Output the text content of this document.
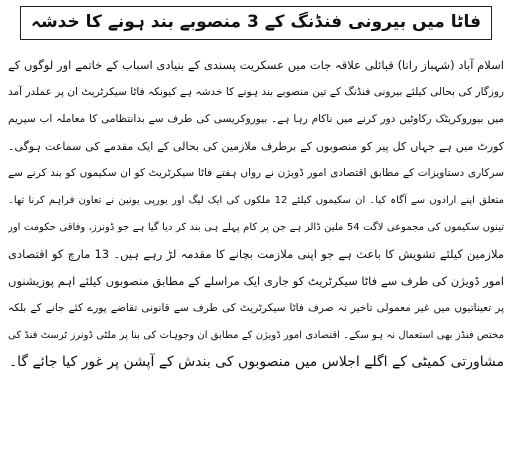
فاٹا میں بیرونی فنڈنگ کے 3 منصوبے بند ہونے کا خدشہ
اسلام آباد (شہباز رانا) قبائلی علاقہ جات میں عسکریت پسندی کے بنیادی اسباب کے خاتمے اور لوگوں کے
روزگار کی بحالی کیلئے بیرونی فنڈنگ کے تین منصوبے بند ہونے کا خدشہ ہے کیونکہ فاٹا سیکرٹریٹ ان پر عملدر آمد
میں بیوروکریٹک رکاوٹیں دور کرنے میں ناکام رہا ہے۔ بیوروکریسی کی طرف سے بدانتظامی کا معاملہ اب سپریم
کورٹ میں ہے جہاں کل پیر کو منصوبوں کے برطرف ملازمین کی بحالی کے ایک مقدمے کی سماعت ہوگی۔
سرکاری دستاویزات کے مطابق اقتصادی امور ڈویژن نے رواں ہفتے فاٹا سیکرٹریٹ کو ان سکیموں کو بند کرنے سے
متعلق اپنے ارادوں سے آگاہ کیا۔ ان سکیموں کیلئے 12 ملکوں کی ایک لیگ اور یورپی یونین نے تعاون فراہم کرنا تھا۔
تینوں سکیموں کی مجموعی لاگت 54 ملین ڈالر ہے جن پر کام پہلے ہی بند کر دیا گیا ہے جو ڈونرز، وفاقی حکومت اور
ملازمین کیلئے تشویش کا باعث ہے جو اپنی ملازمت بچانے کا مقدمہ لڑ رہے ہیں۔ 13 مارچ کو اقتصادی
امور ڈویژن کی طرف سے فاٹا سیکرٹریٹ کو جاری ایک مراسلے کے مطابق منصوبوں کیلئے اہم پوزیشنوں
پر تعیناتیوں میں غیر معمولی تاخیر نہ صرف فاٹا سیکرٹریٹ کی طرف سے قانونی تقاضے پورے کئے جانے کے بلکہ
مختص فنڈز بھی استعمال نہ ہو سکے۔ اقتصادی امور ڈویژن کے مطابق ان وجوہات کی بنا پر ملٹی ڈونرز ٹرسٹ فنڈ کی
مشاورتی کمیٹی کے اگلے اجلاس میں منصوبوں کی بندش کے آپشن پر غور کیا جائے گا۔
